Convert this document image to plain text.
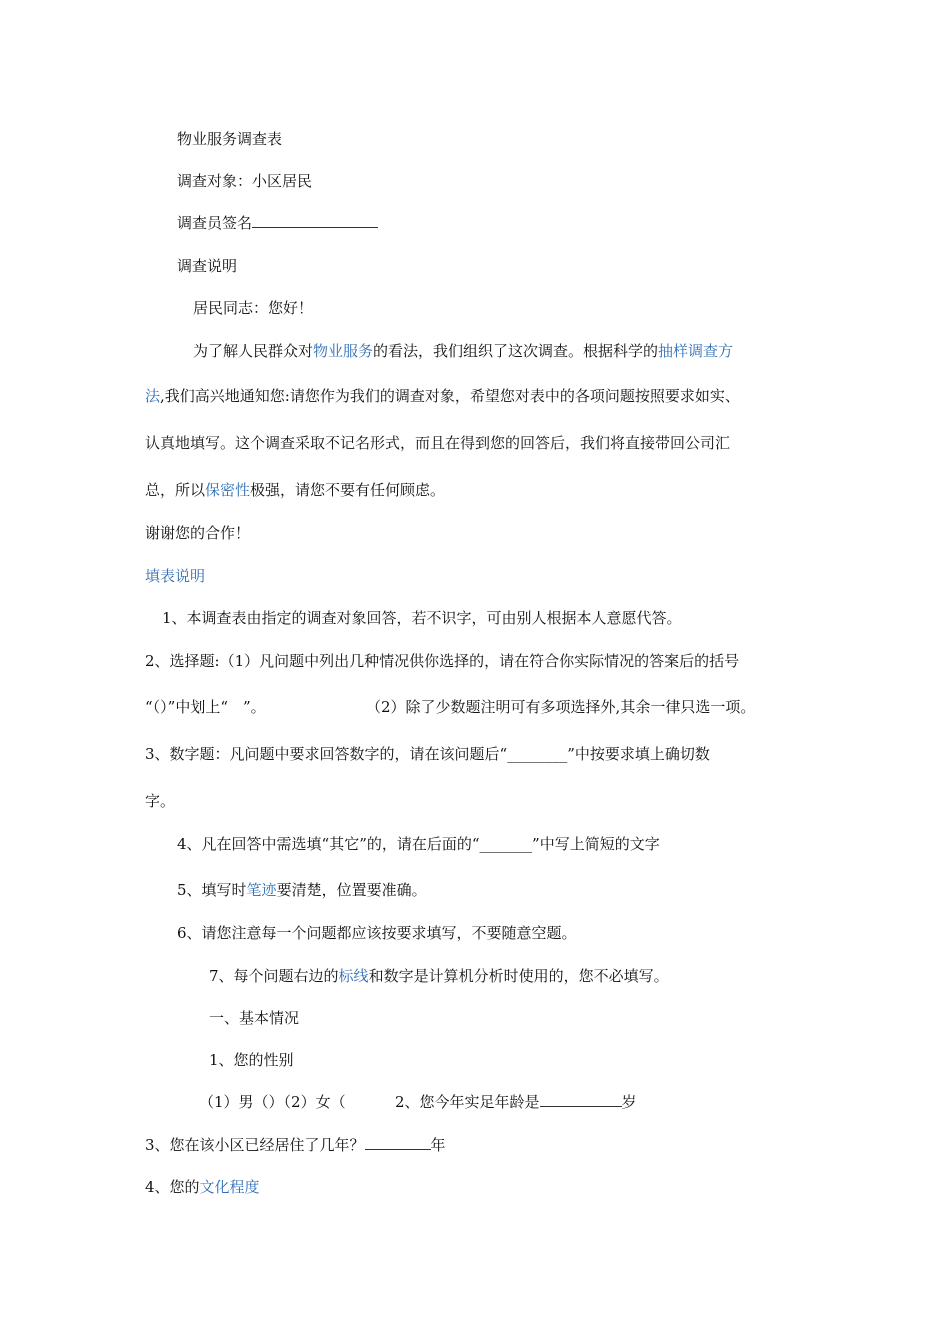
物业服务调查表
调查对象：小区居民
调查员签名
调查说明
居民同志：您好！
为了解人民群众对物业服务的看法，我们组织了这次调查。根据科学的抽样调查方
法,我们高兴地通知您:请您作为我们的调查对象，希望您对表中的各项问题按照要求如实、
认真地填写。这个调查采取不记名形式，而且在得到您的回答后，我们将直接带回公司汇
总，所以保密性极强，请您不要有任何顾虑。
谢谢您的合作！
填表说明
1、本调查表由指定的调查对象回答，若不识字，可由别人根据本人意愿代答。
2、选择题:（1）凡问题中列出几种情况供你选择的，请在符合你实际情况的答案后的括号
“（）”中划上“　”。	（2）除了少数题注明可有多项选择外,其余一律只选一项。
3、数字题：凡问题中要求回答数字的，请在该问题后“________”中按要求填上确切数
字。
4、凡在回答中需选填“其它”的，请在后面的“_______”中写上简短的文字
5、填写时笔迹要清楚，位置要准确。
6、请您注意每一个问题都应该按要求填写，不要随意空题。
7、每个问题右边的标线和数字是计算机分析时使用的，您不必填写。
一、基本情况
1、您的性别
（1）男（）（2）女（	2、您今年实足年龄是	岁
3、您在该小区已经居住了几年？	年
4、您的文化程度
